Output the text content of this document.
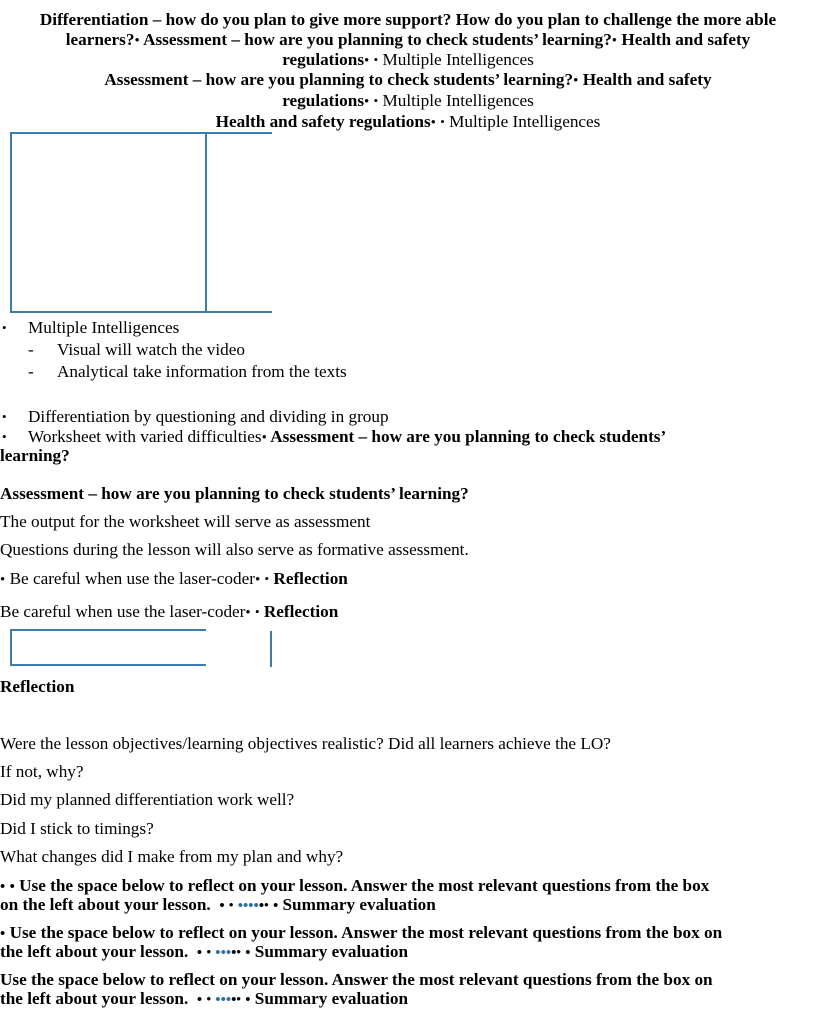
Differentiation – how do you plan to give more support? How do you plan to challenge the more able
learners?• Assessment – how are you planning to check students’ learning?• Health and safety
regulations• • Multiple Intelligences
Assessment – how are you planning to check students’ learning?• Health and safety
regulations• • Multiple Intelligences
Health and safety regulations• • Multiple Intelligences
• Multiple Intelligences
- Visual will watch the video
- Analytical take information from the texts
• Differentiation by questioning and dividing in group
• Worksheet with varied difficulties• Assessment – how are you planning to check students’
learning?
Assessment – how are you planning to check students’ learning?
The output for the worksheet will serve as assessment
Questions during the lesson will also serve as formative assessment.
• Be careful when use the laser-coder• • Reflection
Be careful when use the laser-coder• • Reflection
Reflection
Were the lesson objectives/learning objectives realistic? Did all learners achieve the LO?
If not, why?
Did my planned differentiation work well?
Did I stick to timings?
What changes did I make from my plan and why?
• • Use the space below to reflect on your lesson. Answer the most relevant questions from the box
on the left about your lesson. • • •••••• • Summary evaluation
• Use the space below to reflect on your lesson. Answer the most relevant questions from the box on
the left about your lesson. • • ••••• • Summary evaluation
Use the space below to reflect on your lesson. Answer the most relevant questions from the box on
the left about your lesson. • • ••••• • Summary evaluation
